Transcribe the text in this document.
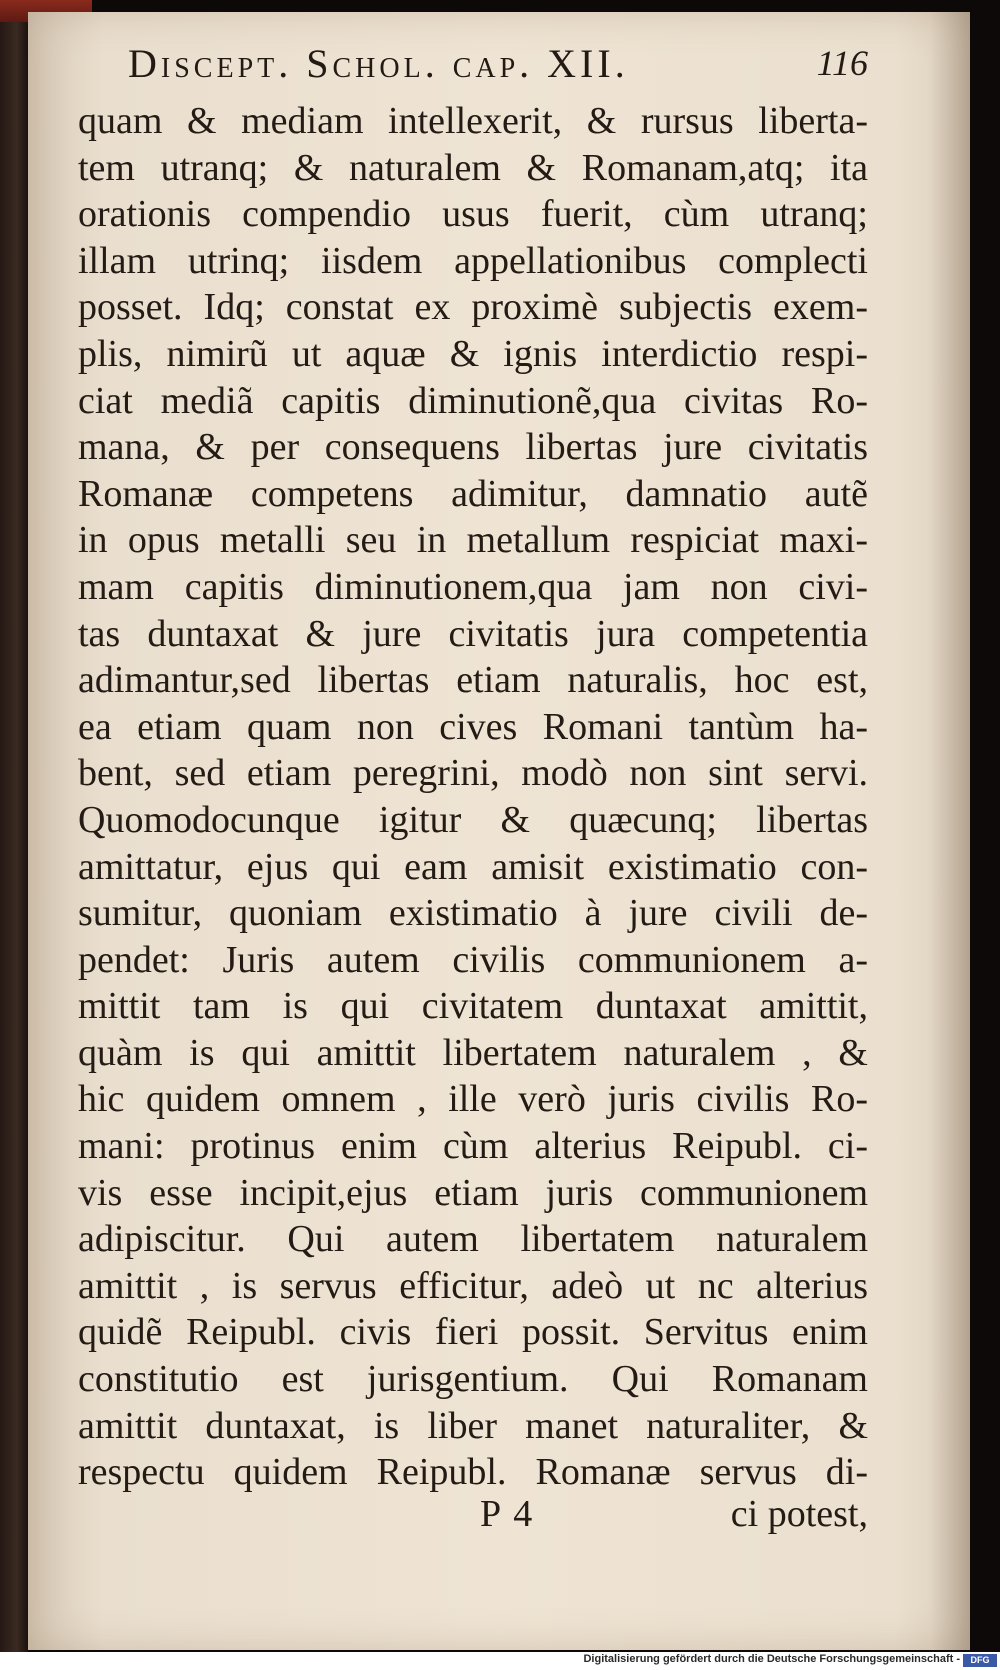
Discept. Schol. cap. XII.	116
quam & mediam intellexerit, & rursus liberta-
tem utranq; & naturalem & Romanam,atq; ita
orationis compendio usus fuerit, cùm utranq;
illam utrinq; iisdem appellationibus complecti
posset. Idq; constat ex proximè subjectis exem-
plis, nimirũ ut aquæ & ignis interdictio respi-
ciat mediã capitis diminutionẽ,qua civitas Ro-
mana, & per consequens libertas jure civitatis
Romanæ competens adimitur, damnatio autẽ
in opus metalli seu in metallum respiciat maxi-
mam capitis diminutionem,qua jam non civi-
tas duntaxat & jure civitatis jura competentia
adimantur,sed libertas etiam naturalis, hoc est,
ea etiam quam non cives Romani tantùm ha-
bent, sed etiam peregrini, modò non sint servi.
Quomodocunque igitur & quæcunq; libertas
amittatur, ejus qui eam amisit existimatio con-
sumitur, quoniam existimatio à jure civili de-
pendet: Juris autem civilis communionem a-
mittit tam is qui civitatem duntaxat amittit,
quàm is qui amittit libertatem naturalem , &
hic quidem omnem , ille verò juris civilis Ro-
mani: protinus enim cùm alterius Reipubl. ci-
vis esse incipit,ejus etiam juris communionem
adipiscitur. Qui autem libertatem naturalem
amittit , is servus efficitur, adeò ut nc alterius
quidẽ Reipubl. civis fieri possit. Servitus enim
constitutio est jurisgentium. Qui Romanam
amittit duntaxat, is liber manet naturaliter, &
respectu quidem Reipubl. Romanæ servus di-
P 4	ci potest,
Digitalisierung gefördert durch die Deutsche Forschungsgemeinschaft -	DFG
